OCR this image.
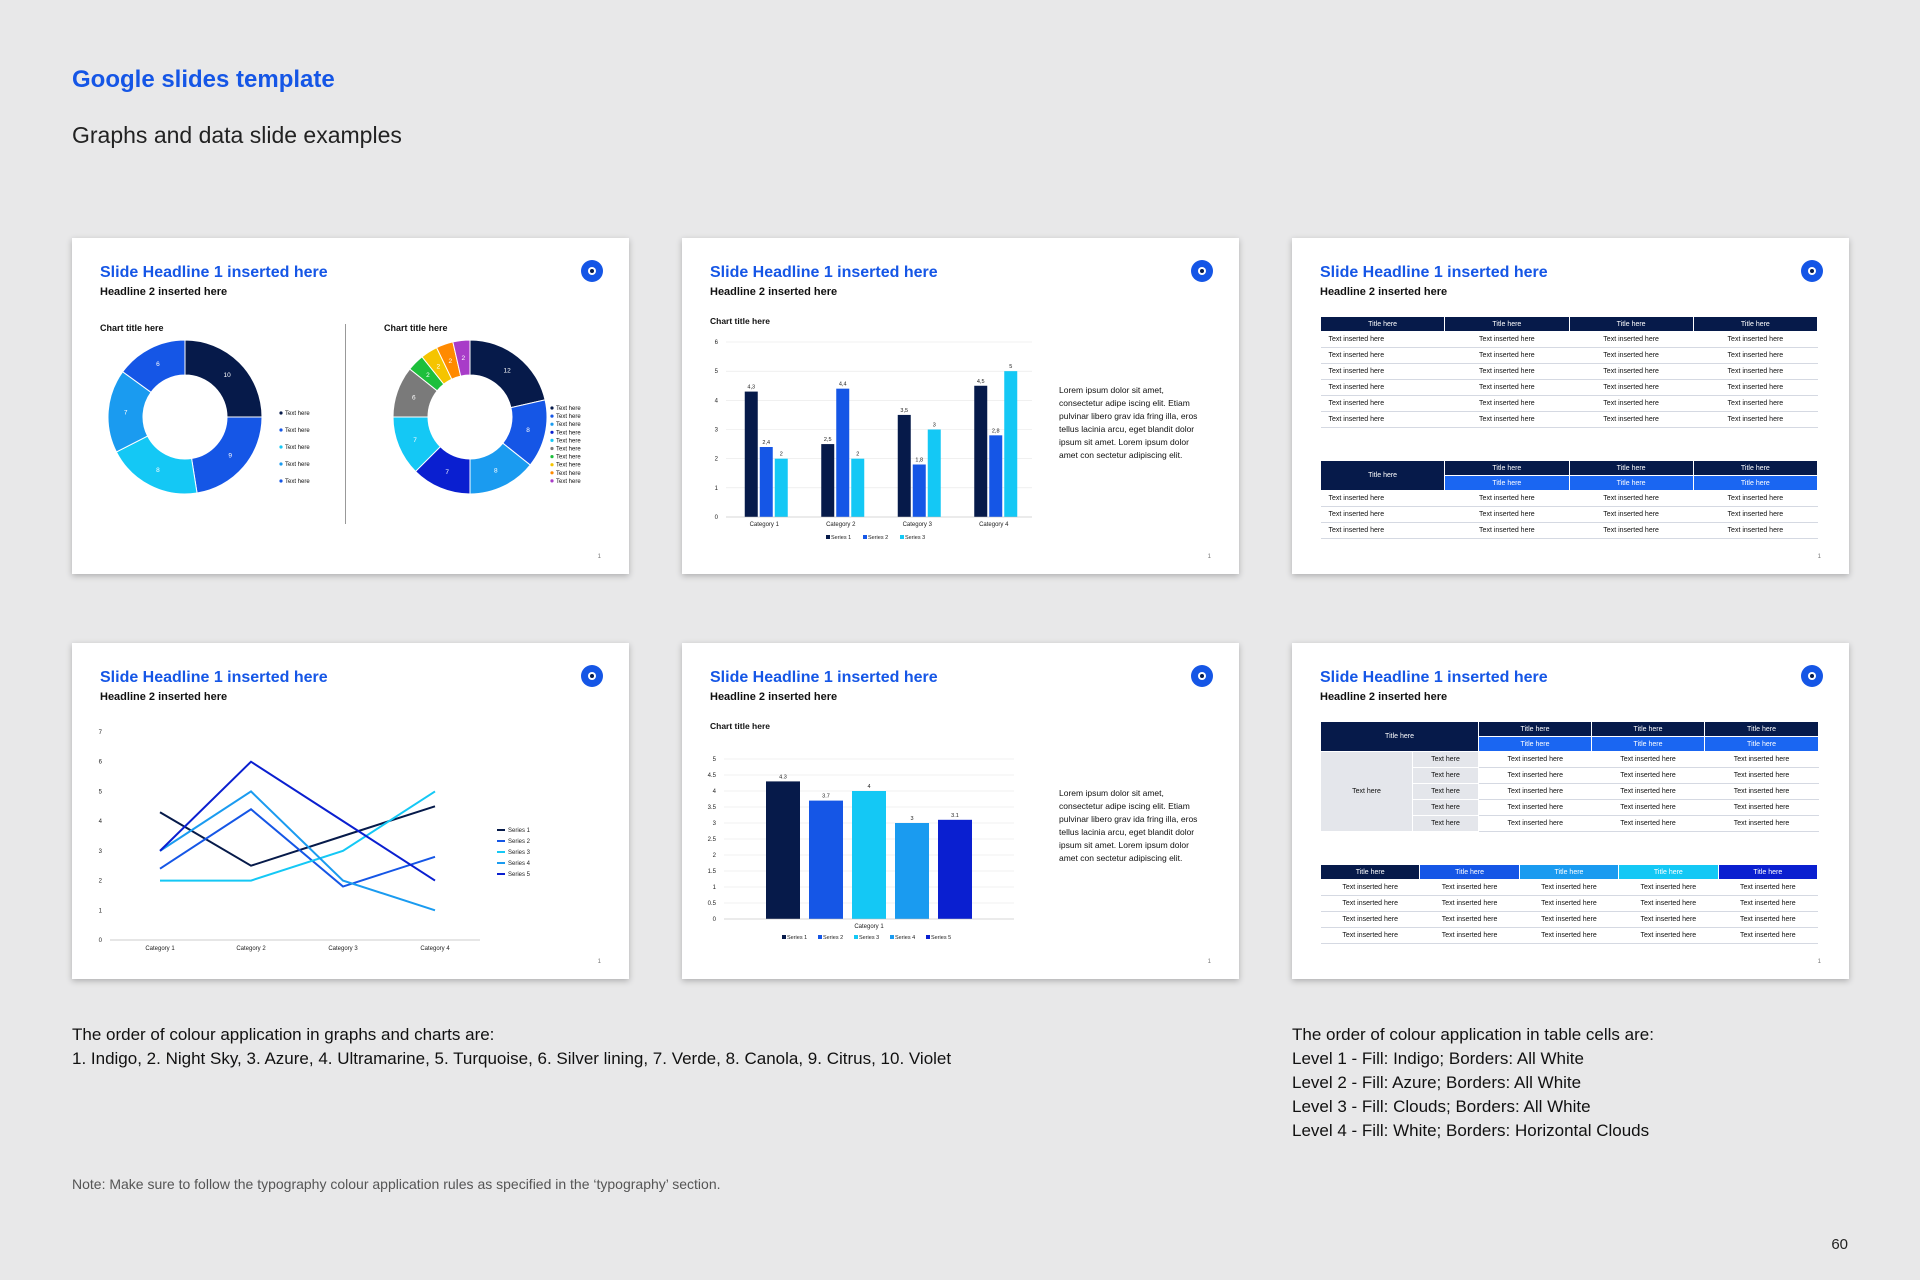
Google slides template
Graphs and data slide examples
Slide Headline 1 inserted here
Headline 2 inserted here
Chart title here	Chart title here
10
Text here
9
Text here
8
Text here
7
Text here
6
Text here
12
Text here
8
Text here
8
Text here
7
Text here
7	Text here
6
Text here
2
Text here
2
Text here
2
Text here
2
Text here
1
Slide Headline 1 inserted here
Headline 2 inserted here
Chart title here
0
1
2
3
4
5
6
4,3
2,4
2
Category 1
2,5
4,4
2
Category 2
3,5
1,8
3
Category 3
4,5
2,8
5
Category 4
Series 1	Series 2	Series 3
Lorem ipsum dolor sit amet, consectetur adipe iscing elit. Etiam pulvinar libero grav ida fring illa, eros tellus lacinia arcu, eget blandit dolor ipsum sit amet. Lorem ipsum dolor amet con sectetur adipiscing elit.
1
Slide Headline 1 inserted here
Headline 2 inserted here
Title here	Title here	Title here	Title here
Text inserted here	Text inserted here	Text inserted here	Text inserted here
Text inserted here	Text inserted here	Text inserted here	Text inserted here
Text inserted here	Text inserted here	Text inserted here	Text inserted here
Text inserted here	Text inserted here	Text inserted here	Text inserted here
Text inserted here	Text inserted here	Text inserted here	Text inserted here
Text inserted here	Text inserted here	Text inserted here	Text inserted here
Title here	Title here	Title here	Title here
	Title here	Title here	Title here
Text inserted here	Text inserted here	Text inserted here	Text inserted here
Text inserted here	Text inserted here	Text inserted here	Text inserted here
Text inserted here	Text inserted here	Text inserted here	Text inserted here
1
Slide Headline 1 inserted here
Headline 2 inserted here
0
1
2
3
4
5
6
7
Category 1	Category 2	Category 3	Category 4
Series 1
Series 2
Series 3
Series 4
Series 5
1
Slide Headline 1 inserted here
Headline 2 inserted here
Chart title here
0
0.5
1
1.5
2
2.5
3
3.5
4
4.5
5
4.3
Series 1
3.7
Series 2
4
Series 3
3
Series 4
3.1
Series 5
Category 1
Lorem ipsum dolor sit amet, consectetur adipe iscing elit. Etiam pulvinar libero grav ida fring illa, eros tellus lacinia arcu, eget blandit dolor ipsum sit amet. Lorem ipsum dolor amet con sectetur adipiscing elit.
1
Slide Headline 1 inserted here
Headline 2 inserted here
Title here		Title here	Title here	Title here
		Title here	Title here	Title here
Text here	Text here	Text inserted here	Text inserted here	Text inserted here
	Text here	Text inserted here	Text inserted here	Text inserted here
	Text here	Text inserted here	Text inserted here	Text inserted here
	Text here	Text inserted here	Text inserted here	Text inserted here
	Text here	Text inserted here	Text inserted here	Text inserted here
Title here	Title here	Title here	Title here	Title here
Text inserted here	Text inserted here	Text inserted here	Text inserted here	Text inserted here
Text inserted here	Text inserted here	Text inserted here	Text inserted here	Text inserted here
Text inserted here	Text inserted here	Text inserted here	Text inserted here	Text inserted here
Text inserted here	Text inserted here	Text inserted here	Text inserted here	Text inserted here
1
The order of colour application in graphs and charts are:
1. Indigo, 2. Night Sky, 3. Azure, 4. Ultramarine, 5. Turquoise, 6. Silver lining, 7. Verde, 8. Canola, 9. Citrus, 10. Violet
The order of colour application in table cells are:
Level 1 - Fill: Indigo; Borders: All White
Level 2 - Fill: Azure; Borders: All White
Level 3 - Fill: Clouds; Borders: All White
Level 4 - Fill: White; Borders: Horizontal Clouds
Note: Make sure to follow the typography colour application rules as specified in the ‘typography’ section.
60
